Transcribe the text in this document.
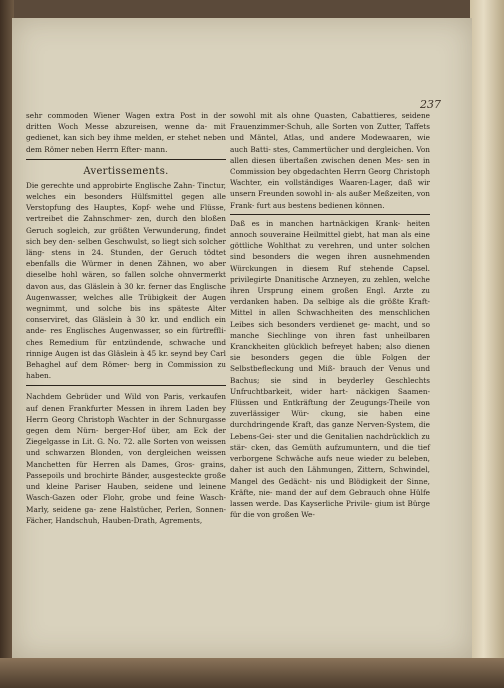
237

sehr commoden Wiener Wagen extra Post in der dritten Woch Messe abzureisen, wenne da- mit gedienet, kan sich bey ihme melden, er stehet neben dem Römer neben Herrn Efter- mann.

Avertissements.

Die gerechte und approbirte Englische Zahn- Tinctur, welches ein besonders Hülfsmittel gegen alle Verstopfung des Hauptes, Kopf- wehe und Flüsse, vertreibet die Zahnschmer- zen, durch den bloßen Geruch sogleich, zur größten Verwunderung, findet sich bey den- selben Geschwulst, so liegt sich solcher läng- stens in 24. Stunden, der Geruch tödtet ebenfalls die Würmer in denen Zähnen, wo aber dieselbe hohl wären, so fallen solche ohnvermerkt davon aus, das Gläslein à 30 kr. ferner das Englische Augenwasser, welches alle Trübigkeit der Augen wegnimmt, und solche bis ins späteste Alter conserviret, das Gläslein à 30 kr. und endlich ein ande- res Englisches Augenwasser, so ein fürtreffli- ches Remedium für entzündende, schwache und rinnige Augen ist das Gläslein à 45 kr. seynd bey Carl Behaghel auf dem Römer- berg in Commission zu haben.

Nachdem Gebrüder und Wild von Paris, verkaufen auf denen Frankfurter Messen in ihrem Laden bey Herrn Georg Christoph Wachter in der Schnurgasse gegen dem Nürn- berger-Hof über, am Eck der Ziegelgasse in Lit. G. No. 72. alle Sorten von weissen und schwarzen Blonden, von dergleichen weissen Manchetten für Herren als Dames, Gros- grains, Passepoils und brochirte Bänder, ausgesteckte große und kleine Pariser Hauben, seidene und leinene Wasch-Gazen oder Flohr, grobe und feine Wasch-Marly, seidene ga- zene Halstücher, Perlen, Sonnen-Fächer, Handschuh, Hauben-Drath, Agrements,

sowohl mit als ohne Quasten, Cabattieres, seidene Frauenzimmer-Schuh, alle Sorten von Zutter, Taffets und Mäntel, Atlas, und andere Modewaaren, wie auch Batti- stes, Cammertücher und dergleichen. Von allen diesen übertaßen zwischen denen Mes- sen in Commission bey obgedachten Herrn Georg Christoph Wachter, ein vollständiges Waaren-Lager, daß wir unsern Freunden sowohl in- als außer Meßzeiten, von Frank- furt aus bestens bedienen können.

Daß es in manchen hartnäckigen Krank- heiten annoch souveraine Heilmittel giebt, hat man als eine göttliche Wohlthat zu verehren, und unter solchen sind besonders die wegen ihren ausnehmenden Würckungen in diesem Ruf stehende Capsel. privilegirte Dnanitische Arzneyen, zu zehlen, welche ihren Ursprung einem großen Engl. Arzte zu verdanken haben. Da selbige als die größte Kraft-Mittel in allen Schwachheiten des menschlichen Leibes sich besonders verdienet ge- macht, und so manche Siechlinge von ihren fast unheilbaren Kranckheiten glücklich befreyet haben; also dienen sie besonders gegen die üble Folgen der Selbstbefleckung und Miß- brauch der Venus und Bachus; sie sind in beyderley Geschlechts Unfruchtbarkeit, wider hart- näckigen Saamen-Flüssen und Entkräftung der Zeugungs-Theile von zuverlässiger Wür- ckung, sie haben eine durchdringende Kraft, das ganze Nerven-System, die Lebens-Gei- ster und die Genitalien nachdrücklich zu stär- cken, das Gemüth aufzumuntern, und die tief verborgene Schwäche aufs neue wieder zu beleben, daher ist auch den Lähmungen, Zittern, Schwindel, Mangel des Gedächt- nis und Blödigkeit der Sinne, Kräfte, nie- mand der auf dem Gebrauch ohne Hülfe lassen werde. Das Kayserliche Privile- gium ist Bürge für die von großen We-
